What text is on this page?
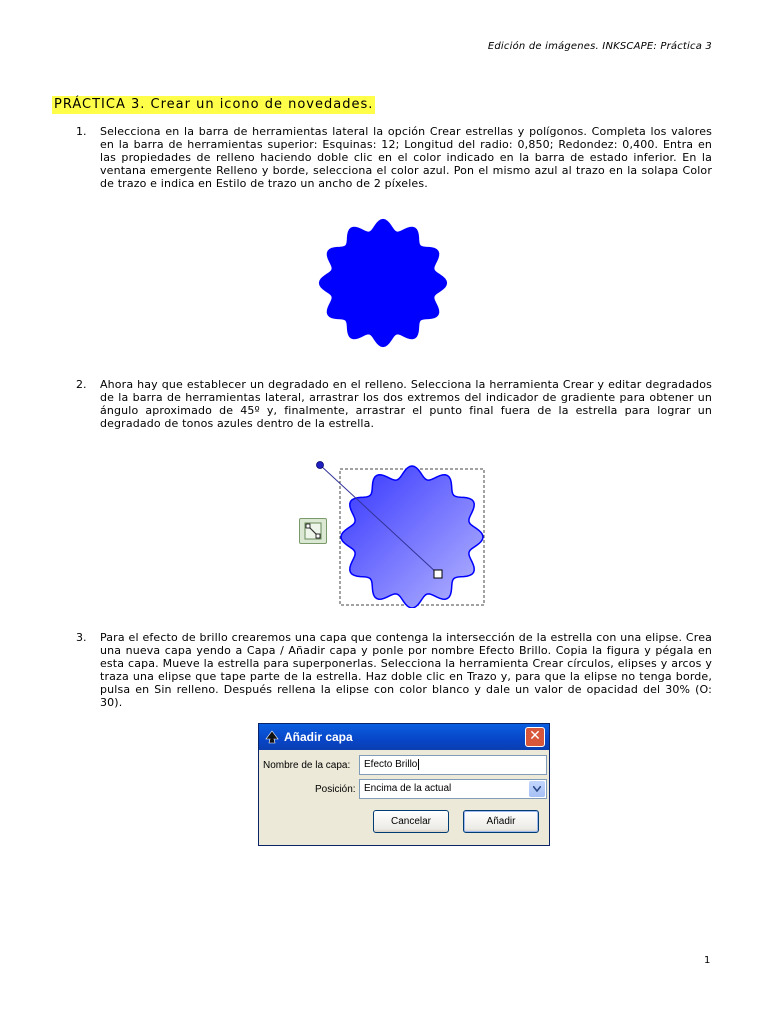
Edición de imágenes. INKSCAPE: Práctica 3
PRÁCTICA 3. Crear un icono de novedades.
1. Selecciona en la barra de herramientas lateral la opción Crear estrellas y polígonos. Completa los valores en la barra de herramientas superior: Esquinas: 12; Longitud del radio: 0,850; Redondez: 0,400. Entra en las propiedades de relleno haciendo doble clic en el color indicado en la barra de estado inferior. En la ventana emergente Relleno y borde, selecciona el color azul. Pon el mismo azul al trazo en la solapa Color de trazo e indica en Estilo de trazo un ancho de 2 píxeles.
2. Ahora hay que establecer un degradado en el relleno. Selecciona la herramienta Crear y editar degradados de la barra de herramientas lateral, arrastrar los dos extremos del indicador de gradiente para obtener un ángulo aproximado de 45º y, finalmente, arrastrar el punto final fuera de la estrella para lograr un degradado de tonos azules dentro de la estrella.
3. Para el efecto de brillo crearemos una capa que contenga la intersección de la estrella con una elipse. Crea una nueva capa yendo a Capa / Añadir capa y ponle por nombre Efecto Brillo. Copia la figura y pégala en esta capa. Mueve la estrella para superponerlas. Selecciona la herramienta Crear círculos, elipses y arcos y traza una elipse que tape parte de la estrella. Haz doble clic en Trazo y, para que la elipse no tenga borde, pulsa en Sin relleno. Después rellena la elipse con color blanco y dale un valor de opacidad del 30% (O: 30).
Añadir capa	✕
Nombre de la capa:	Efecto Brillo
Posición: Encima de la actual
Cancelar	Añadir
1
